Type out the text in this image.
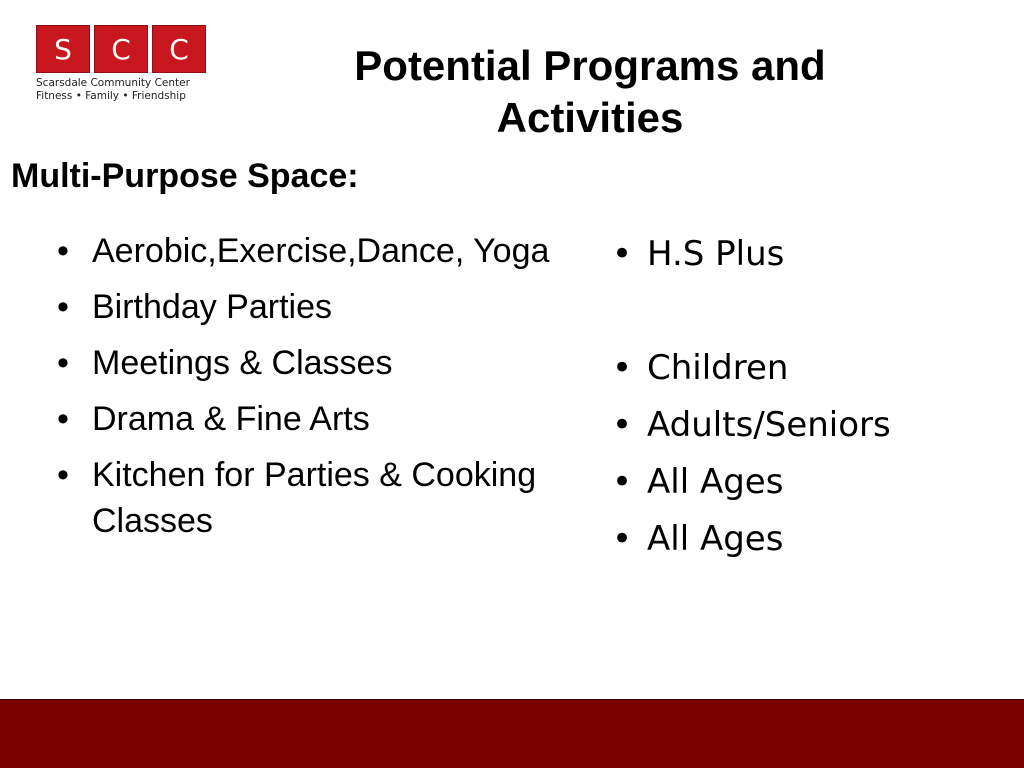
S	C	C
Scarsdale Community Center
Fitness • Family • Friendship
Potential Programs and Activities
Multi-Purpose Space:
• Aerobic,Exercise,Dance, Yoga
• Birthday Parties
• Meetings & Classes
• Drama & Fine Arts
• Kitchen for Parties & Cooking Classes
• H.S Plus
• Children
• Adults/Seniors
• All Ages
• All Ages
